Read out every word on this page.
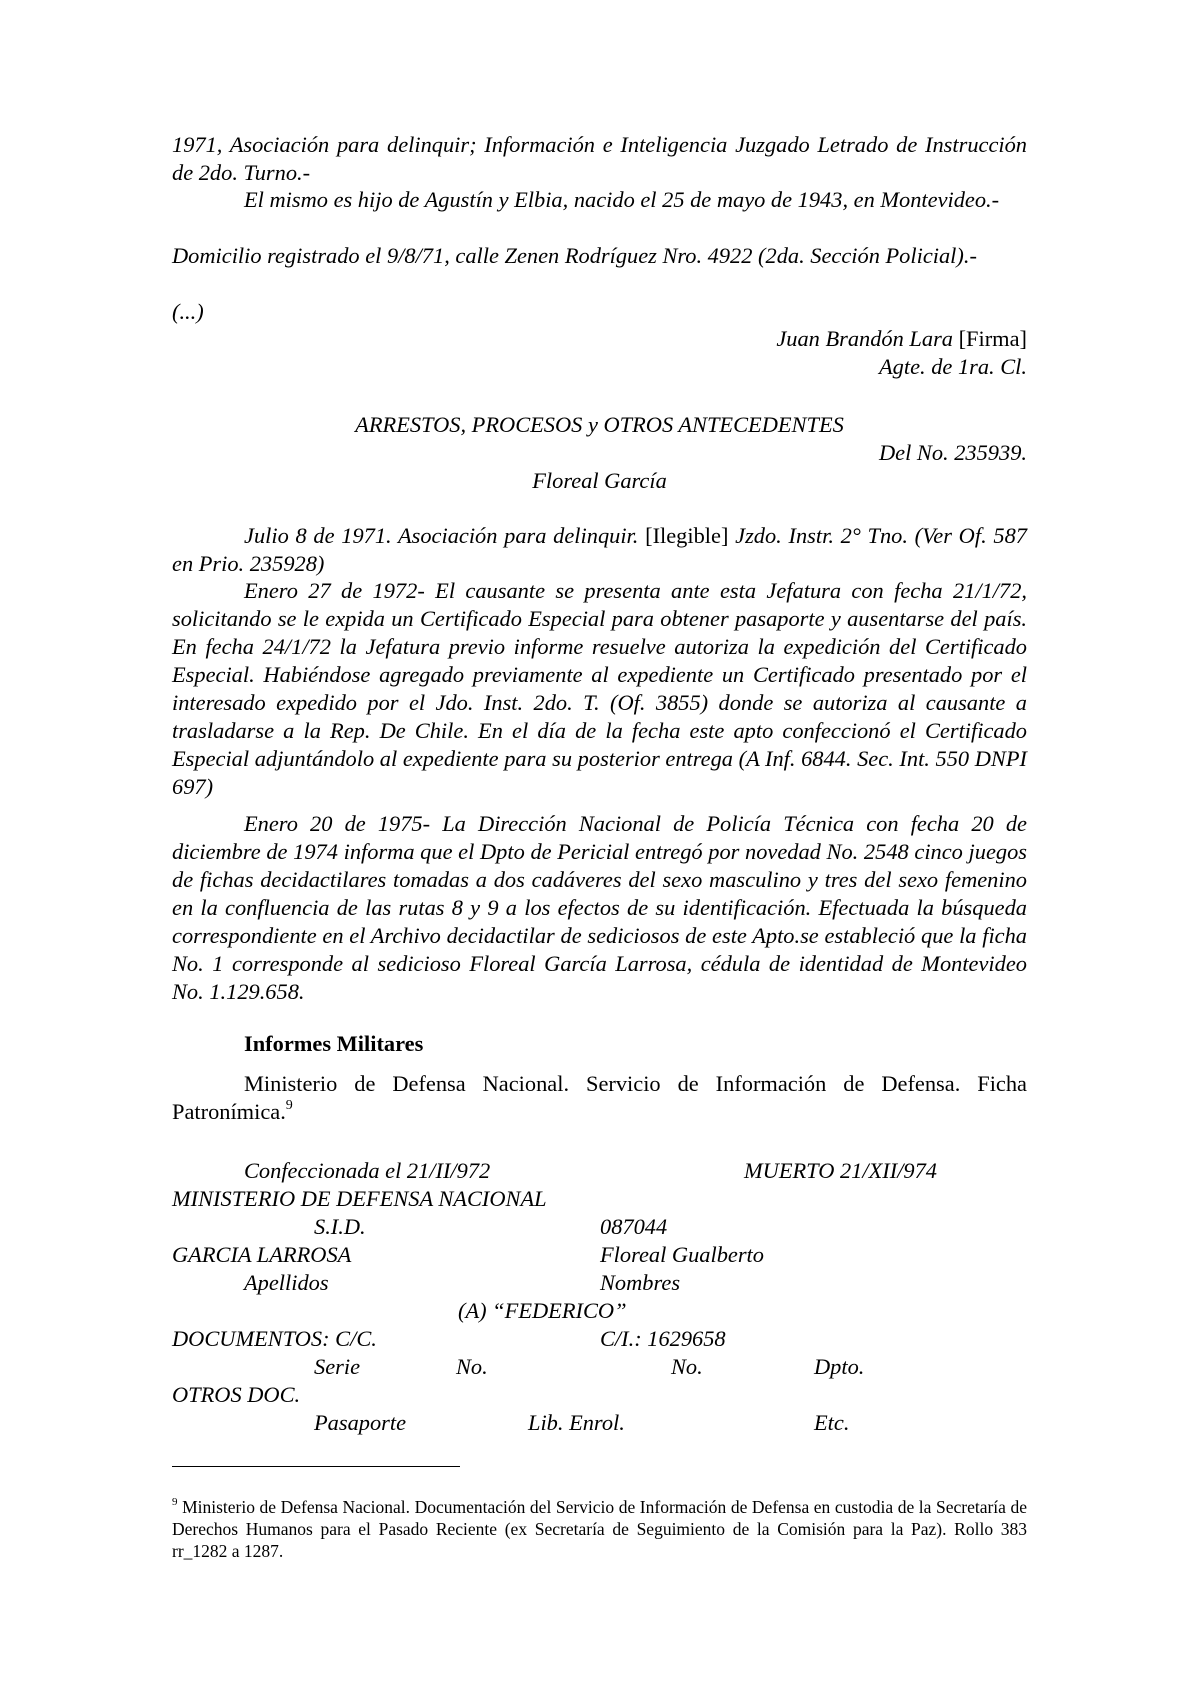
1971, Asociación para delinquir; Información e Inteligencia Juzgado Letrado de Instrucción de 2do. Turno.-

El mismo es hijo de Agustín y Elbia, nacido el 25 de mayo de 1943, en Montevideo.-

Domicilio registrado el 9/8/71, calle Zenen Rodríguez Nro. 4922 (2da. Sección Policial).-

(...)

Juan Brandón Lara [Firma]

Agte. de 1ra. Cl.

ARRESTOS, PROCESOS y OTROS ANTECEDENTES

Del No. 235939.

Floreal García

Julio 8 de 1971. Asociación para delinquir. [Ilegible] Jzdo. Instr. 2° Tno. (Ver Of. 587 en Prio. 235928)

Enero 27 de 1972- El causante se presenta ante esta Jefatura con fecha 21/1/72, solicitando se le expida un Certificado Especial para obtener pasaporte y ausentarse del país. En fecha 24/1/72 la Jefatura previo informe resuelve autoriza la expedición del Certificado Especial. Habiéndose agregado previamente al expediente un Certificado presentado por el interesado expedido por el Jdo. Inst. 2do. T. (Of. 3855) donde se autoriza al causante a trasladarse a la Rep. De Chile. En el día de la fecha este apto confeccionó el Certificado Especial adjuntándolo al expediente para su posterior entrega (A Inf. 6844. Sec. Int. 550 DNPI 697)

Enero 20 de 1975- La Dirección Nacional de Policía Técnica con fecha 20 de diciembre de 1974 informa que el Dpto de Pericial entregó por novedad No. 2548 cinco juegos de fichas decidactilares tomadas a dos cadáveres del sexo masculino y tres del sexo femenino en la confluencia de las rutas 8 y 9 a los efectos de su identificación. Efectuada la búsqueda correspondiente en el Archivo decidactilar de sediciosos de este Apto.se estableció que la ficha No. 1 corresponde al sedicioso Floreal García Larrosa, cédula de identidad de Montevideo No. 1.129.658.

Informes Militares

Ministerio de Defensa Nacional. Servicio de Información de Defensa. Ficha Patronímica.$^9$

Confeccionada el 21/II/972	MUERTO 21/XII/974
MINISTERIO DE DEFENSA NACIONAL
S.I.D.	087044
GARCIA LARROSA	Floreal Gualberto
Apellidos	Nombres
(A) “FEDERICO”
DOCUMENTOS: C/C.	C/I.: 1629658
Serie	No.	No.	Dpto.
OTROS DOC.
Pasaporte	Lib. Enrol.	Etc.

$^9$ Ministerio de Defensa Nacional. Documentación del Servicio de Información de Defensa en custodia de la Secretaría de Derechos Humanos para el Pasado Reciente (ex Secretaría de Seguimiento de la Comisión para la Paz). Rollo 383 rr_1282 a 1287.
